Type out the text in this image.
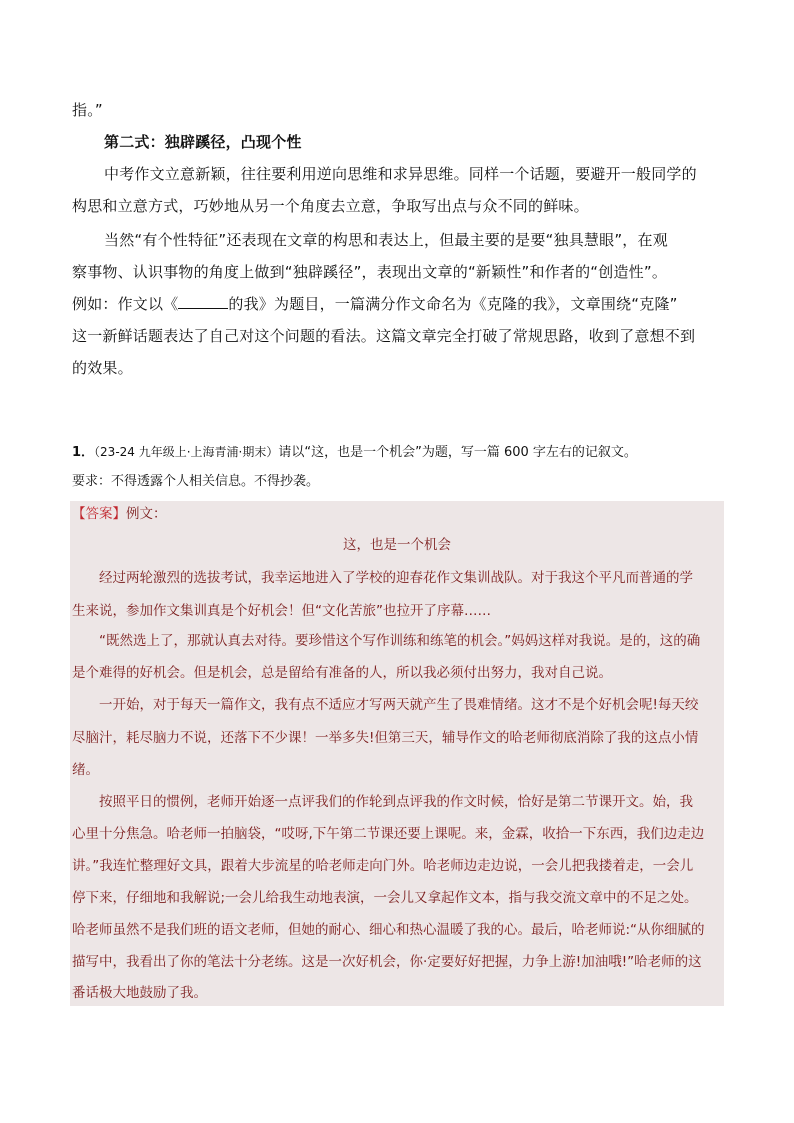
指。”
第二式：独辟蹊径，凸现个性
中考作文立意新颖，往往要利用逆向思维和求异思维。同样一个话题，要避开一般同学的
构思和立意方式，巧妙地从另一个角度去立意，争取写出点与众不同的鲜味。
当然“有个性特征”还表现在文章的构思和表达上，但最主要的是要“独具慧眼”，在观
察事物、认识事物的角度上做到“独辟蹊径”，表现出文章的“新颖性”和作者的“创造性”。
例如：作文以《	的我》为题目，一篇满分作文命名为《克隆的我》，文章围绕“克隆”
这一新鲜话题表达了自己对这个问题的看法。这篇文章完全打破了常规思路，收到了意想不到
的效果。
1．（23-24 九年级上·上海青浦·期末）请以“这，也是一个机会”为题，写一篇 600 字左右的记叙文。
要求：不得透露个人相关信息。不得抄袭。
【答案】例文：
这，也是一个机会
　　经过两轮激烈的选拔考试，我幸运地进入了学校的迎春花作文集训战队。对于我这个平凡而普通的学
生来说，参加作文集训真是个好机会！但“文化苦旅”也拉开了序幕……
　　“既然选上了，那就认真去对待。要珍惜这个写作训练和练笔的机会。”妈妈这样对我说。是的，这的确
是个难得的好机会。但是机会，总是留给有准备的人，所以我必须付出努力，我对自己说。
　　一开始，对于每天一篇作文，我有点不适应才写两天就产生了畏难情绪。这才不是个好机会呢!每天绞
尽脑汁，耗尽脑力不说，还落下不少课！一举多失!但第三天，辅导作文的哈老师彻底消除了我的这点小情
绪。
　　按照平日的惯例，老师开始逐一点评我们的作轮到点评我的作文时候，恰好是第二节课开文。始，我
心里十分焦急。哈老师一拍脑袋，“哎呀,下午第二节课还要上课呢。来，金霖，收拾一下东西，我们边走边
讲。”我连忙整理好文具，跟着大步流星的哈老师走向门外。哈老师边走边说，一会儿把我搂着走，一会儿
停下来，仔细地和我解说;一会儿给我生动地表演，一会儿又拿起作文本，指与我交流文章中的不足之处。
哈老师虽然不是我们班的语文老师，但她的耐心、细心和热心温暖了我的心。最后，哈老师说:“从你细腻的
描写中，我看出了你的笔法十分老练。这是一次好机会，你·定要好好把握，力争上游!加油哦!”哈老师的这
番话极大地鼓励了我。
